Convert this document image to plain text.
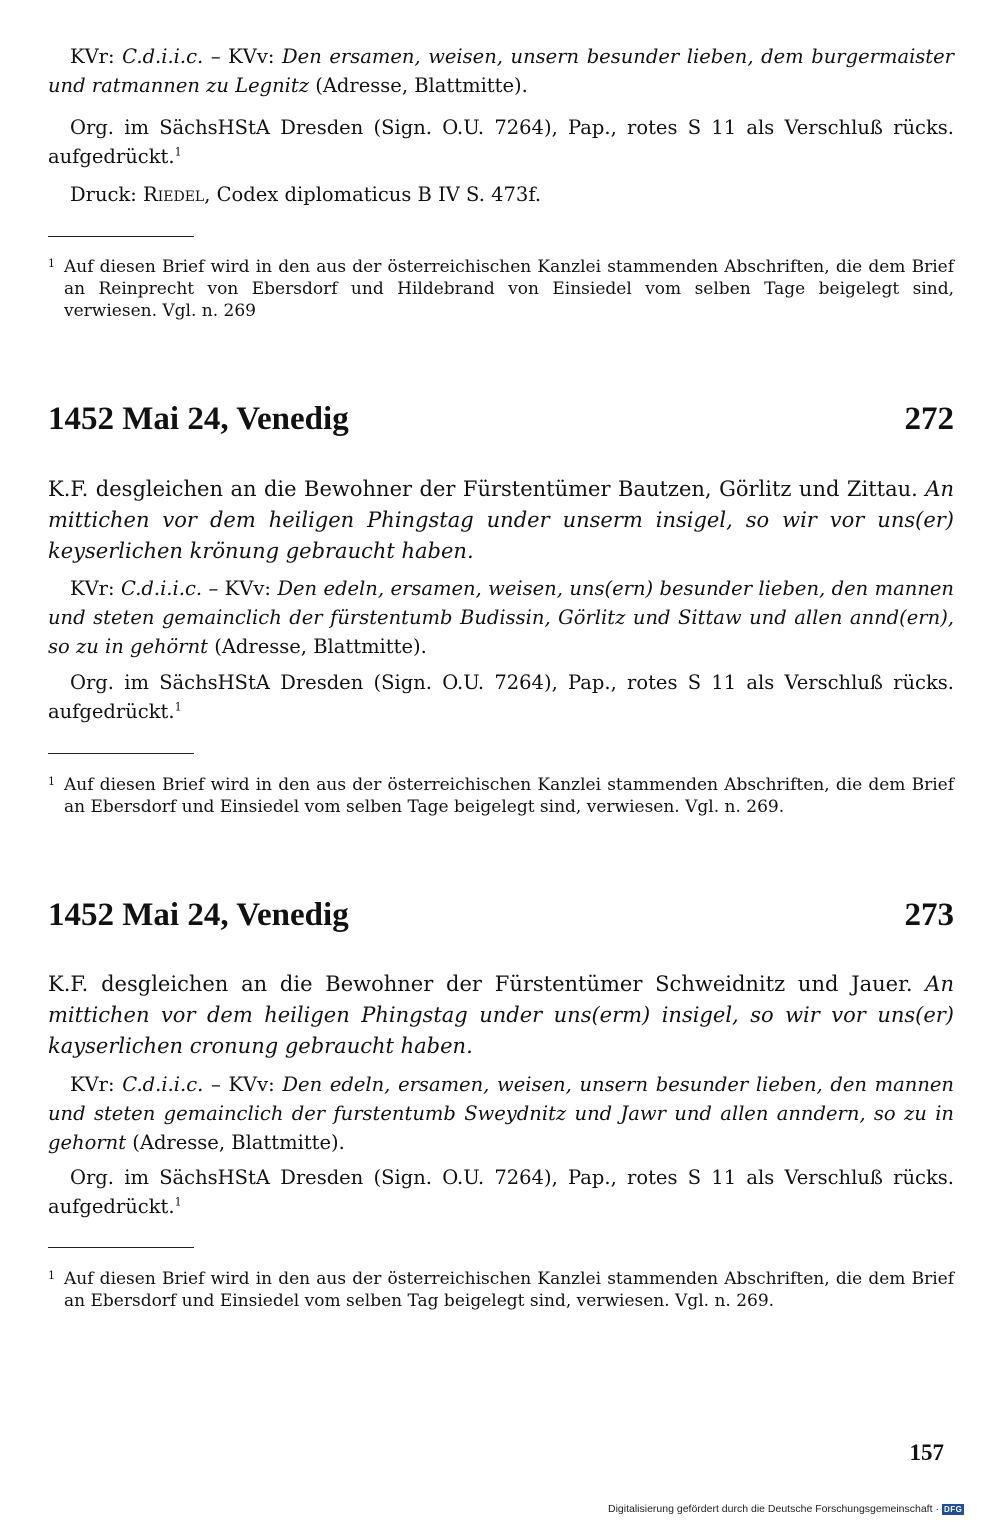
KVr: C.d.i.i.c. – KVv: Den ersamen, weisen, unsern besunder lieben, dem burgermaister und ratmannen zu Legnitz (Adresse, Blattmitte).

Org. im SächsHStA Dresden (Sign. O.U. 7264), Pap., rotes S 11 als Verschluß rücks. aufgedrückt.$^1$

Druck: Riedel, Codex diplomaticus B IV S. 473f.

1 Auf diesen Brief wird in den aus der österreichischen Kanzlei stammenden Abschriften, die dem Brief an Reinprecht von Ebersdorf und Hildebrand von Einsiedel vom selben Tage beigelegt sind, verwiesen. Vgl. n. 269

1452 Mai 24, Venedig	272

K.F. desgleichen an die Bewohner der Fürstentümer Bautzen, Görlitz und Zittau. An mittichen vor dem heiligen Phingstag under unserm insigel, so wir vor uns(er) keyserlichen krönung gebraucht haben.

KVr: C.d.i.i.c. – KVv: Den edeln, ersamen, weisen, uns(ern) besunder lieben, den mannen und steten gemainclich der fürstentumb Budissin, Görlitz und Sittaw und allen annd(ern), so zu in gehörnt (Adresse, Blattmitte).

Org. im SächsHStA Dresden (Sign. O.U. 7264), Pap., rotes S 11 als Verschluß rücks. aufgedrückt.$^1$

1 Auf diesen Brief wird in den aus der österreichischen Kanzlei stammenden Abschriften, die dem Brief an Ebersdorf und Einsiedel vom selben Tage beigelegt sind, verwiesen. Vgl. n. 269.

1452 Mai 24, Venedig	273

K.F. desgleichen an die Bewohner der Fürstentümer Schweidnitz und Jauer. An mittichen vor dem heiligen Phingstag under uns(erm) insigel, so wir vor uns(er) kayserlichen cronung gebraucht haben.

KVr: C.d.i.i.c. – KVv: Den edeln, ersamen, weisen, unsern besunder lieben, den mannen und steten gemainclich der furstentumb Sweydnitz und Jawr und allen anndern, so zu in gehornt (Adresse, Blattmitte).

Org. im SächsHStA Dresden (Sign. O.U. 7264), Pap., rotes S 11 als Verschluß rücks. aufgedrückt.$^1$

1 Auf diesen Brief wird in den aus der österreichischen Kanzlei stammenden Abschriften, die dem Brief an Ebersdorf und Einsiedel vom selben Tag beigelegt sind, verwiesen. Vgl. n. 269.

157
Digitalisierung gefördert durch die Deutsche Forschungsgemeinschaft · DFG
